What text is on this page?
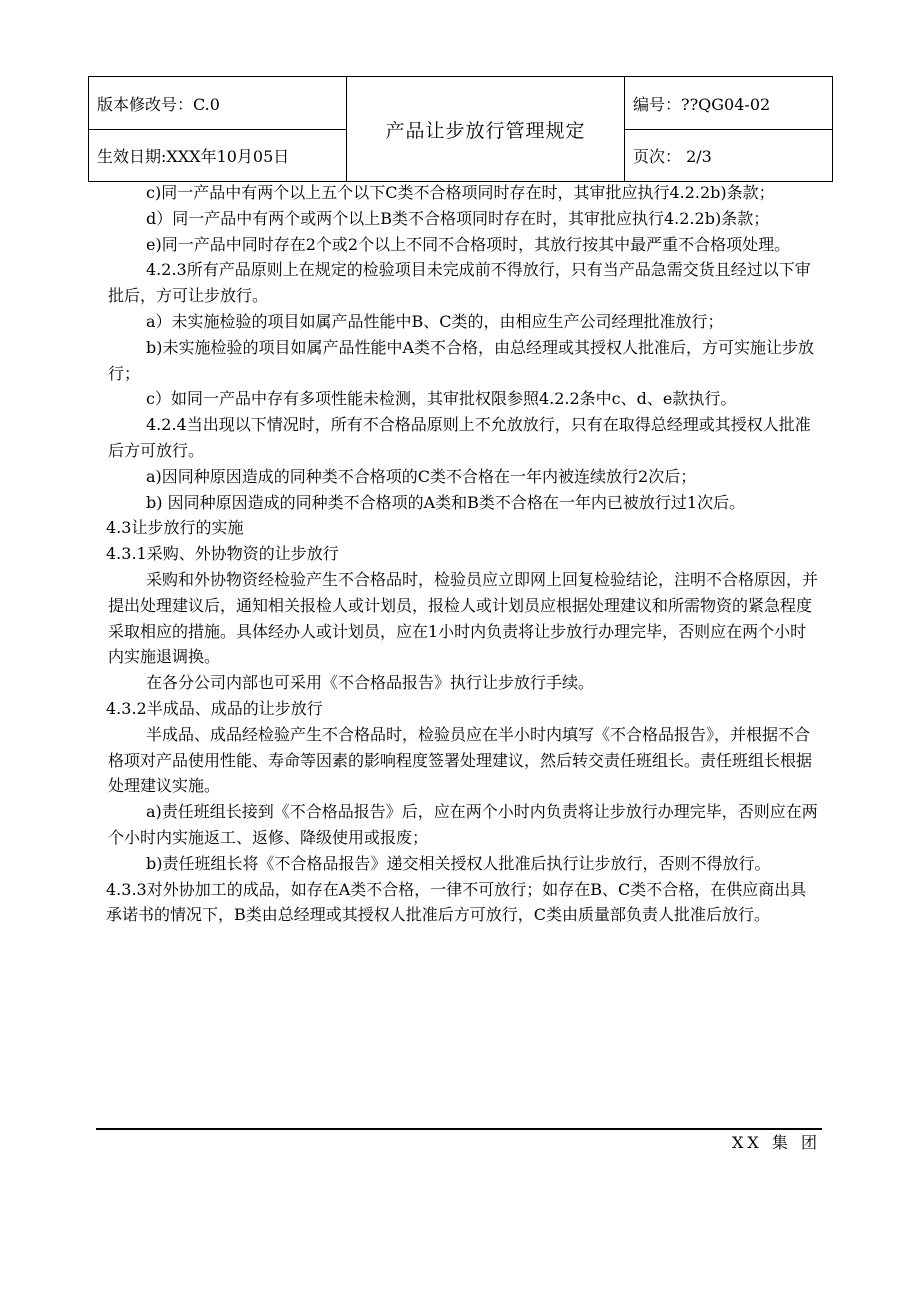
版本修改号：C.0	产品让步放行管理规定	编号：??QG04-02
生效日期:XXX年10月05日		页次： 2/3

c)同一产品中有两个以上五个以下C类不合格项同时存在时，其审批应执行4.2.2b)条款；

d）同一产品中有两个或两个以上B类不合格项同时存在时，其审批应执行4.2.2b)条款；

e)同一产品中同时存在2个或2个以上不同不合格项时，其放行按其中最严重不合格项处理。

4.2.3所有产品原则上在规定的检验项目未完成前不得放行，只有当产品急需交货且经过以下审批后，方可让步放行。

a）未实施检验的项目如属产品性能中B、C类的，由相应生产公司经理批准放行；

b)未实施检验的项目如属产品性能中A类不合格，由总经理或其授权人批准后，方可实施让步放行；

c）如同一产品中存有多项性能未检测，其审批权限参照4.2.2条中c、d、e款执行。

4.2.4当出现以下情况时，所有不合格品原则上不允放放行，只有在取得总经理或其授权人批准后方可放行。

a)因同种原因造成的同种类不合格项的C类不合格在一年内被连续放行2次后；

b) 因同种原因造成的同种类不合格项的A类和B类不合格在一年内已被放行过1次后。

4.3让步放行的实施

4.3.1采购、外协物资的让步放行

采购和外协物资经检验产生不合格品时，检验员应立即网上回复检验结论，注明不合格原因，并提出处理建议后，通知相关报检人或计划员，报检人或计划员应根据处理建议和所需物资的紧急程度采取相应的措施。具体经办人或计划员，应在1小时内负责将让步放行办理完毕，否则应在两个小时内实施退调换。

在各分公司内部也可采用《不合格品报告》执行让步放行手续。

4.3.2半成品、成品的让步放行

半成品、成品经检验产生不合格品时，检验员应在半小时内填写《不合格品报告》，并根据不合格项对产品使用性能、寿命等因素的影响程度签署处理建议，然后转交责任班组长。责任班组长根据处理建议实施。

a)责任班组长接到《不合格品报告》后，应在两个小时内负责将让步放行办理完毕，否则应在两个小时内实施返工、返修、降级使用或报废；

b)责任班组长将《不合格品报告》递交相关授权人批准后执行让步放行，否则不得放行。

4.3.3对外协加工的成品，如存在A类不合格，一律不可放行；如存在B、C类不合格，在供应商出具承诺书的情况下，B类由总经理或其授权人批准后方可放行，C类由质量部负责人批准后放行。

XX 集 团
